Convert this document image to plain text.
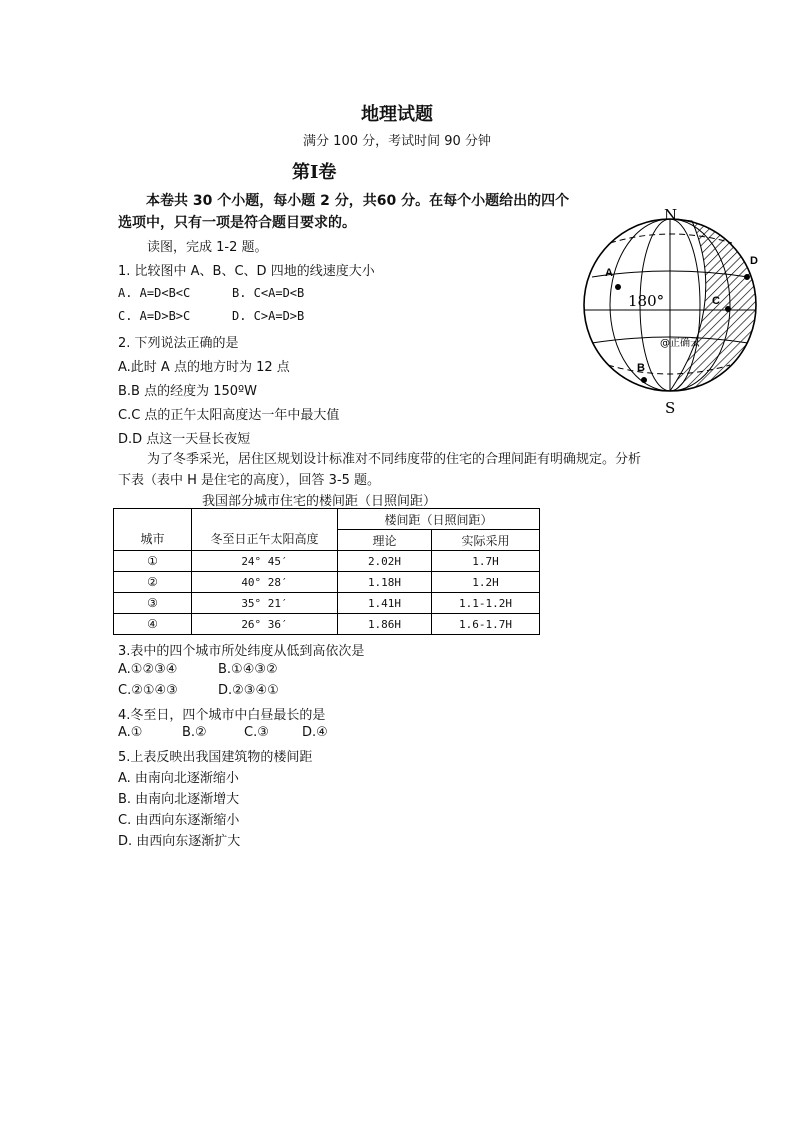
地理试题
满分 100 分，考试时间 90 分钟
第Ⅰ卷
本卷共 30 个小题，每小题 2 分，共60 分。在每个小题给出的四个
选项中，只有一项是符合题目要求的。
读图，完成 1-2 题。
1. 比较图中 A、B、C、D 四地的线速度大小
A. A=D<B<C	B. C<A=D<B
C. A=D>B>C	D. C>A=D>B
2. 下列说法正确的是
A.此时 A 点的地方时为 12 点
B.B 点的经度为 150ºW
C.C 点的正午太阳高度达一年中最大值
D.D 点这一天昼长夜短
N
S
180°
A
B
C
D
@正确云
为了冬季采光，居住区规划设计标准对不同纬度带的住宅的合理间距有明确规定。分析
下表（表中 H 是住宅的高度），回答 3-5 题。
我国部分城市住宅的楼间距（日照间距）
城市	冬至日正午太阳高度	楼间距（日照间距）	
		理论	实际采用
①	24° 45′	2.02H	1.7H
②	40° 28′	1.18H	1.2H
③	35° 21′	1.41H	1.1-1.2H
④	26° 36′	1.86H	1.6-1.7H
3.表中的四个城市所处纬度从低到高依次是
A.①②③④	B.①④③②
C.②①④③	D.②③④①
4.冬至日，四个城市中白昼最长的是
A.①	B.②	C.③	D.④
5.上表反映出我国建筑物的楼间距
A. 由南向北逐渐缩小
B. 由南向北逐渐增大
C. 由西向东逐渐缩小
D. 由西向东逐渐扩大
